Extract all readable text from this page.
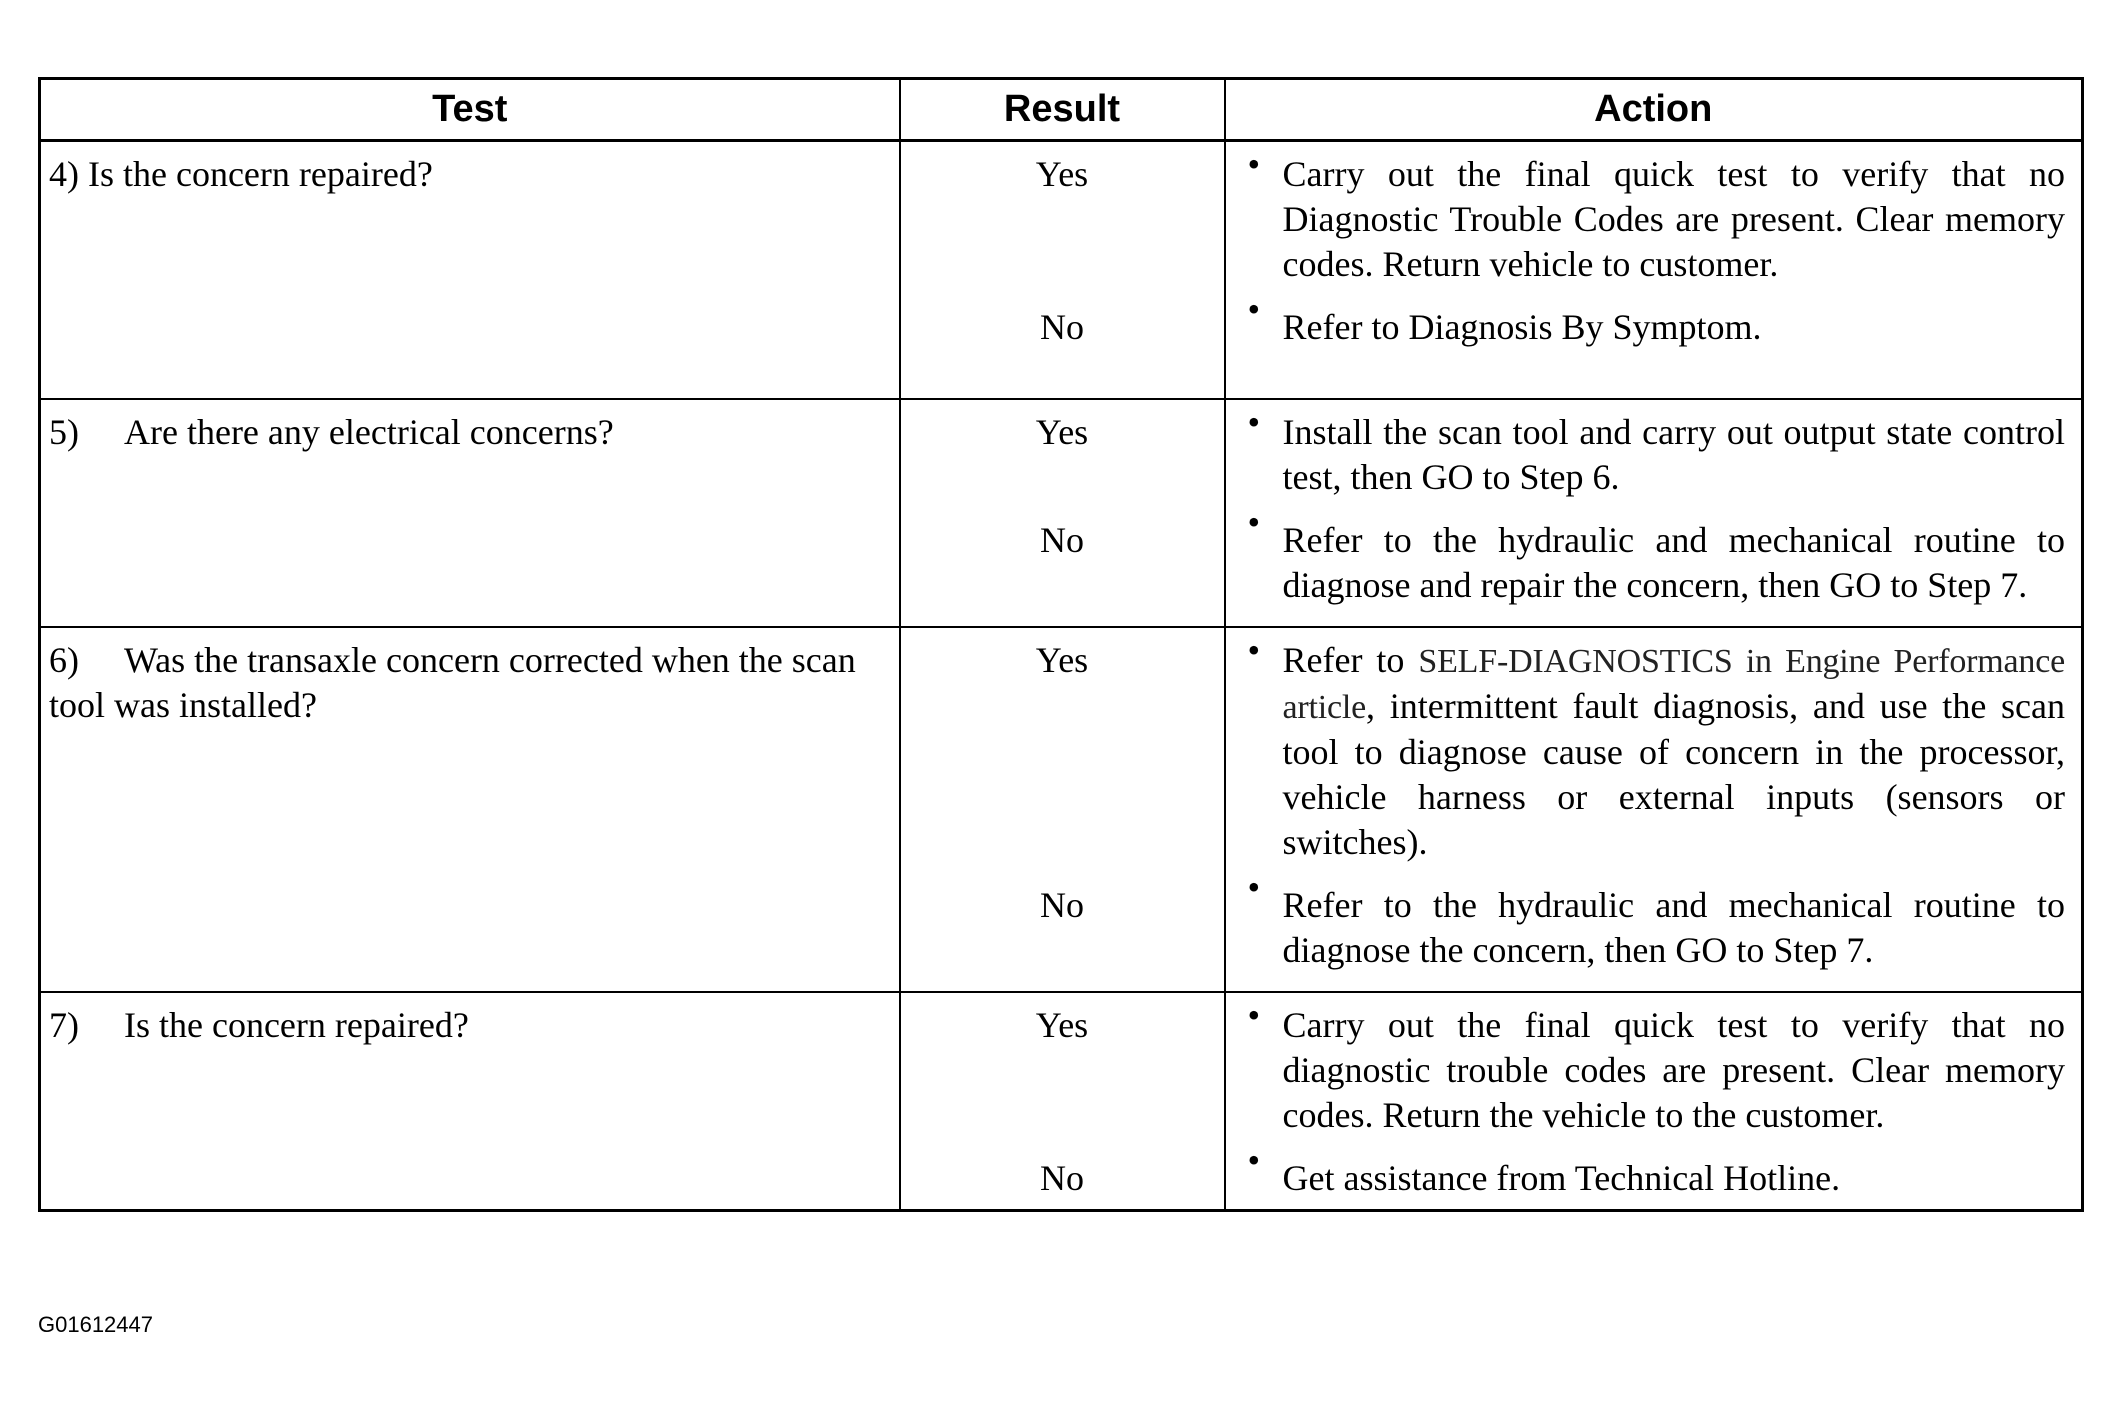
Test	Result	Action

4) Is the concern repaired?	Yes	• Carry out the final quick test to verify that no Diagnostic Trouble Codes are present. Clear memory codes. Return vehicle to customer.

	No	• Refer to Diagnosis By Symptom.

5) Are there any electrical concerns?	Yes	• Install the scan tool and carry out output state control test, then GO to Step 6.

	No	• Refer to the hydraulic and mechanical routine to diagnose and repair the concern, then GO to Step 7.

6) Was the transaxle concern corrected when the scan tool was installed?	Yes	• Refer to SELF-DIAGNOSTICS in Engine Performance article, intermittent fault diagnosis, and use the scan tool to diagnose cause of concern in the processor, vehicle harness or external inputs (sensors or switches).

	No	• Refer to the hydraulic and mechanical routine to diagnose the concern, then GO to Step 7.

7) Is the concern repaired?	Yes	• Carry out the final quick test to verify that no diagnostic trouble codes are present. Clear memory codes. Return the vehicle to the customer.

	No	• Get assistance from Technical Hotline.
G01612447
